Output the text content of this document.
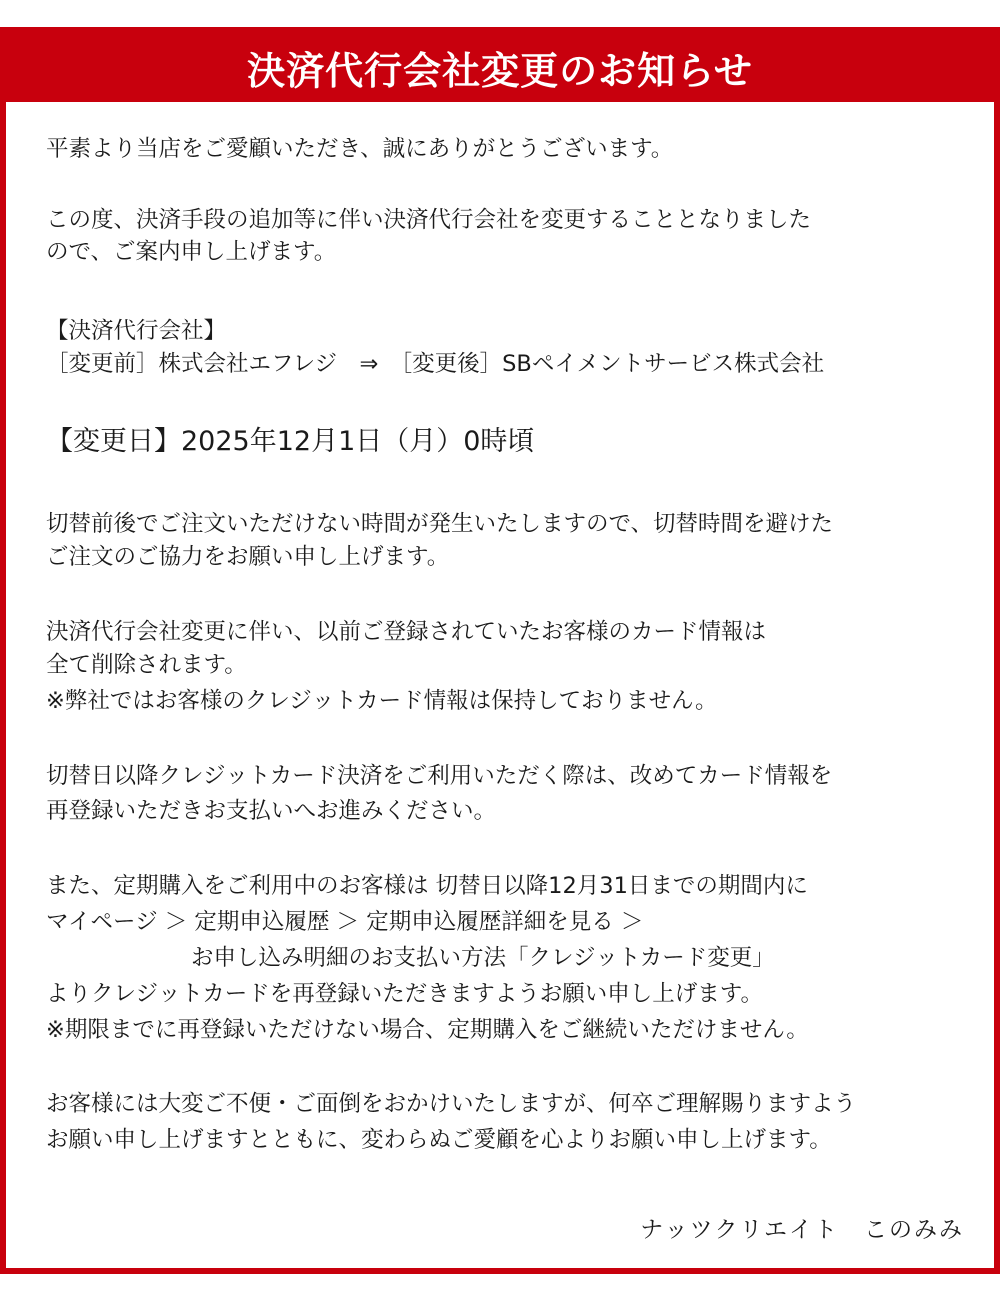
決済代行会社変更のお知らせ
平素より当店をご愛顧いただき、誠にありがとうございます。
この度、決済手段の追加等に伴い決済代行会社を変更することとなりました
ので、ご案内申し上げます。
【決済代行会社】
［変更前］株式会社エフレジ　⇒　［変更後］SBペイメントサービス株式会社
【変更日】2025年12月1日（月）0時頃
切替前後でご注文いただけない時間が発生いたしますので、切替時間を避けた
ご注文のご協力をお願い申し上げます。
決済代行会社変更に伴い、以前ご登録されていたお客様のカード情報は
全て削除されます。
※弊社ではお客様のクレジットカード情報は保持しておりません。
切替日以降クレジットカード決済をご利用いただく際は、改めてカード情報を
再登録いただきお支払いへお進みください。
また、定期購入をご利用中のお客様は 切替日以降12月31日までの期間内に
マイページ ＞ 定期申込履歴 ＞ 定期申込履歴詳細を見る ＞
お申し込み明細のお支払い方法「クレジットカード変更」
よりクレジットカードを再登録いただきますようお願い申し上げます。
※期限までに再登録いただけない場合、定期購入をご継続いただけません。
お客様には大変ご不便・ご面倒をおかけいたしますが、何卒ご理解賜りますよう
お願い申し上げますとともに、変わらぬご愛顧を心よりお願い申し上げます。
ナッツクリエイト　このみみ
